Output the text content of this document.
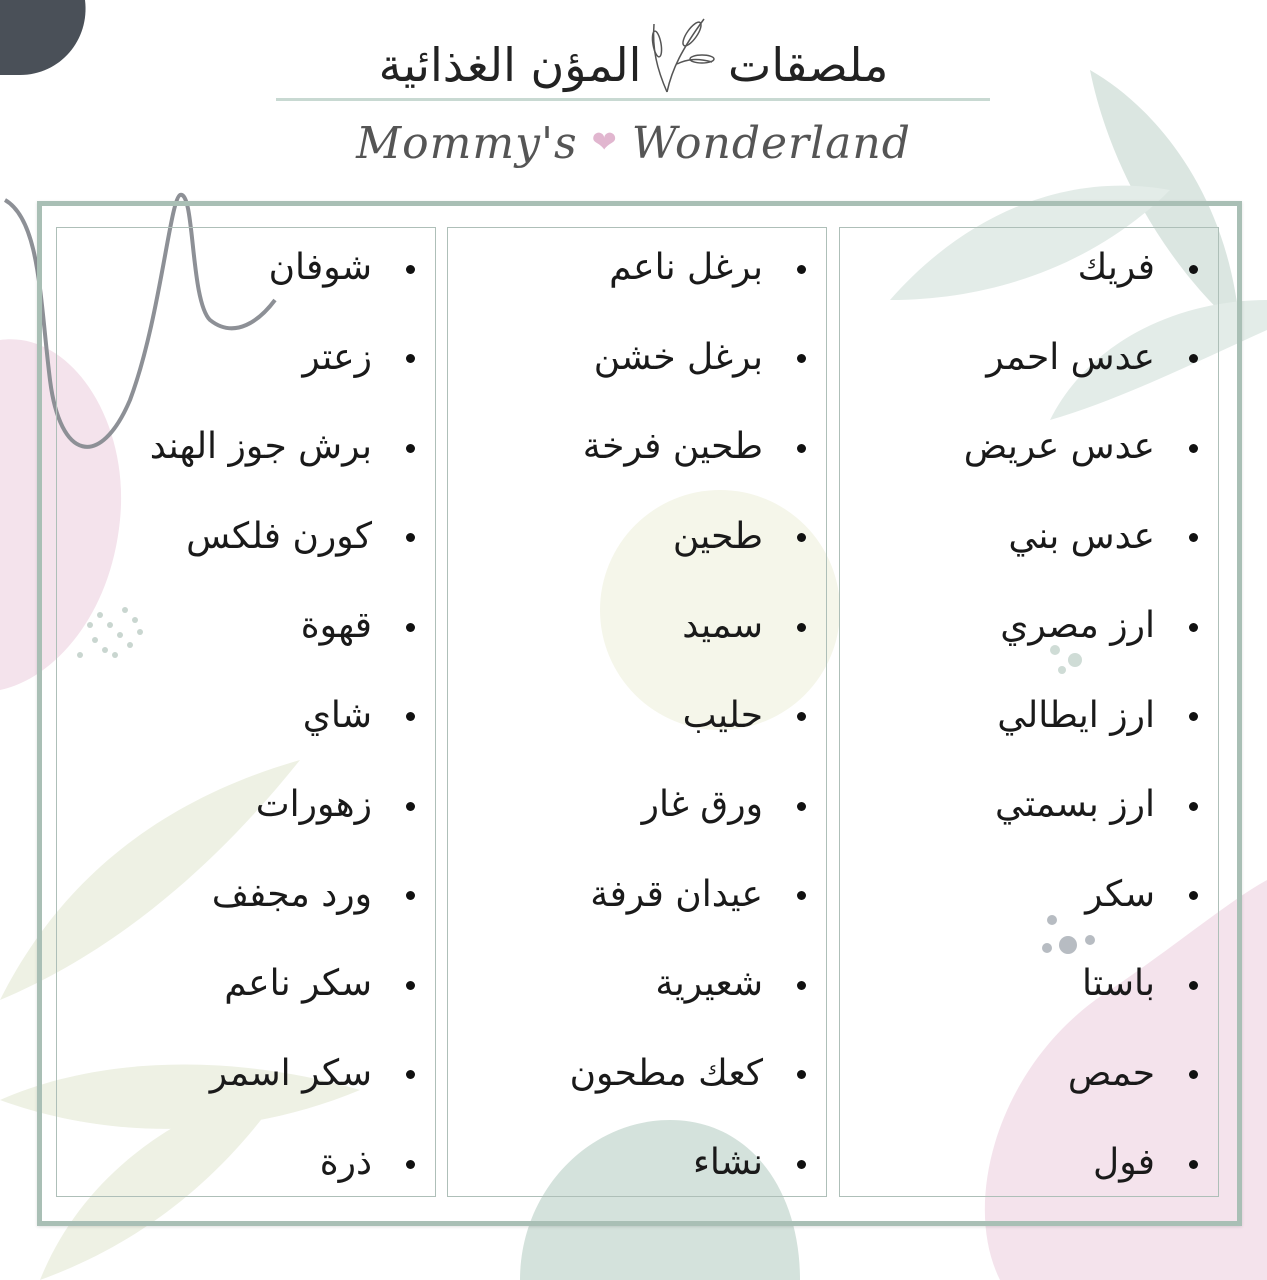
ملصقات المؤن الغذائية
Mommy's ❤ Wonderland
فريك
عدس احمر
عدس عريض
عدس بني
ارز مصري
ارز ايطالي
ارز بسمتي
سكر
باستا
حمص
فول
برغل ناعم
برغل خشن
طحين فرخة
طحين
سميد
حليب
ورق غار
عيدان قرفة
شعيرية
كعك مطحون
نشاء
شوفان
زعتر
برش جوز الهند
كورن فلكس
قهوة
شاي
زهورات
ورد مجفف
سكر ناعم
سكر اسمر
ذرة
